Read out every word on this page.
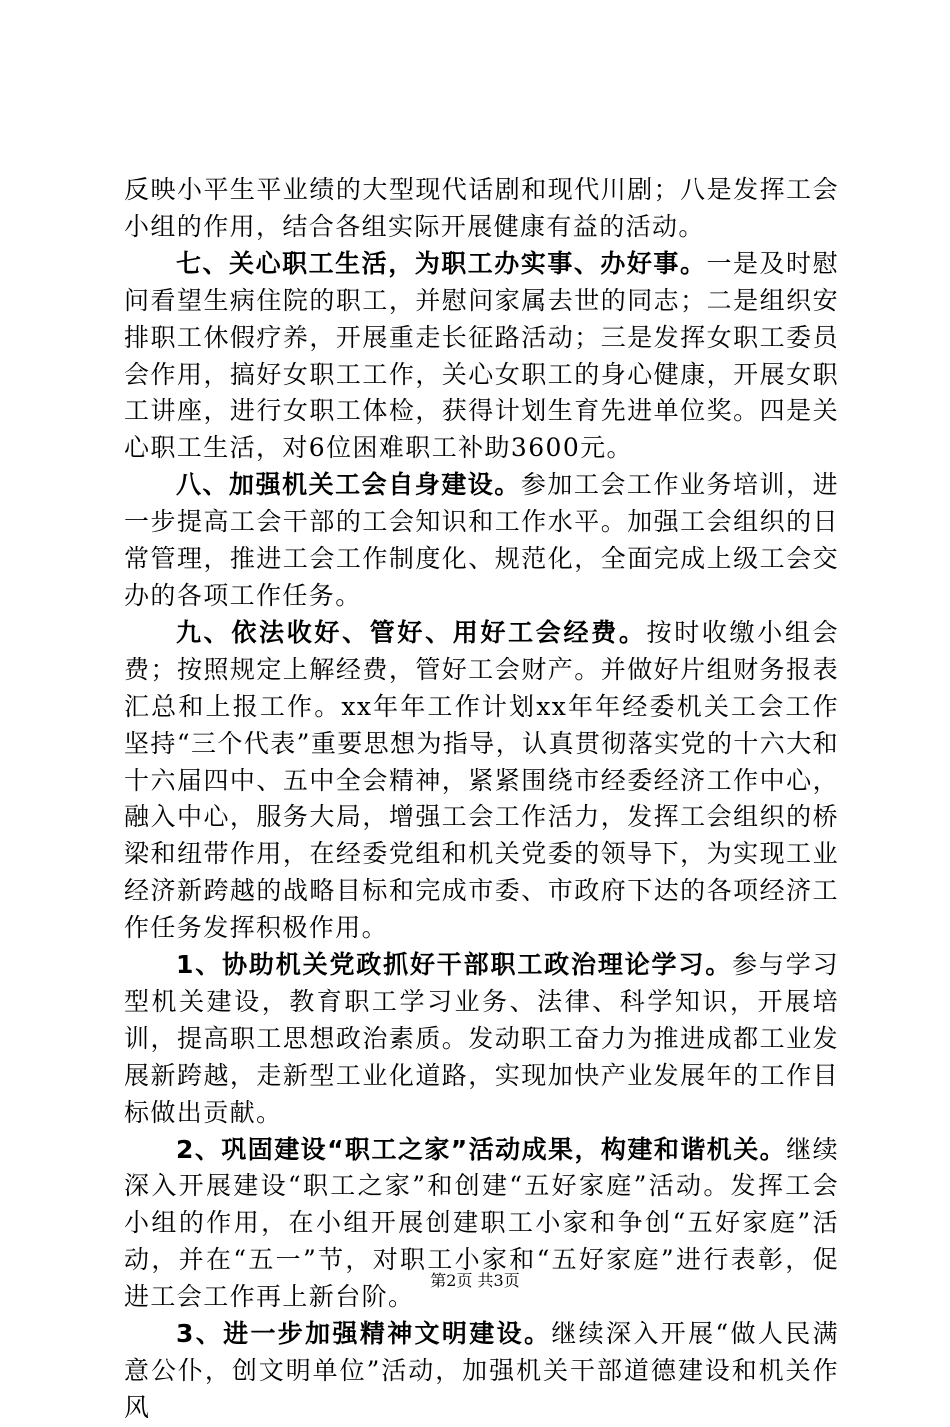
反映小平生平业绩的大型现代话剧和现代川剧；八是发挥工会小组的作用，结合各组实际开展健康有益的活动。

七、关心职工生活，为职工办实事、办好事。一是及时慰问看望生病住院的职工，并慰问家属去世的同志；二是组织安排职工休假疗养，开展重走长征路活动；三是发挥女职工委员会作用，搞好女职工工作，关心女职工的身心健康，开展女职工讲座，进行女职工体检，获得计划生育先进单位奖。四是关心职工生活，对6位困难职工补助3600元。

八、加强机关工会自身建设。参加工会工作业务培训，进一步提高工会干部的工会知识和工作水平。加强工会组织的日常管理，推进工会工作制度化、规范化，全面完成上级工会交办的各项工作任务。

九、依法收好、管好、用好工会经费。按时收缴小组会费；按照规定上解经费，管好工会财产。并做好片组财务报表汇总和上报工作。xx年年工作计划xx年年经委机关工会工作坚持“三个代表”重要思想为指导，认真贯彻落实党的十六大和十六届四中、五中全会精神，紧紧围绕市经委经济工作中心，融入中心，服务大局，增强工会工作活力，发挥工会组织的桥梁和纽带作用，在经委党组和机关党委的领导下，为实现工业经济新跨越的战略目标和完成市委、市政府下达的各项经济工作任务发挥积极作用。

1、协助机关党政抓好干部职工政治理论学习。参与学习型机关建设，教育职工学习业务、法律、科学知识，开展培训，提高职工思想政治素质。发动职工奋力为推进成都工业发展新跨越，走新型工业化道路，实现加快产业发展年的工作目标做出贡献。

2、巩固建设“职工之家”活动成果，构建和谐机关。继续深入开展建设“职工之家”和创建“五好家庭”活动。发挥工会小组的作用，在小组开展创建职工小家和争创“五好家庭”活动，并在“五一”节，对职工小家和“五好家庭”进行表彰，促进工会工作再上新台阶。

3、进一步加强精神文明建设。继续深入开展“做人民满意公仆，创文明单位”活动，加强机关干部道德建设和机关作风

第2页 共3页
